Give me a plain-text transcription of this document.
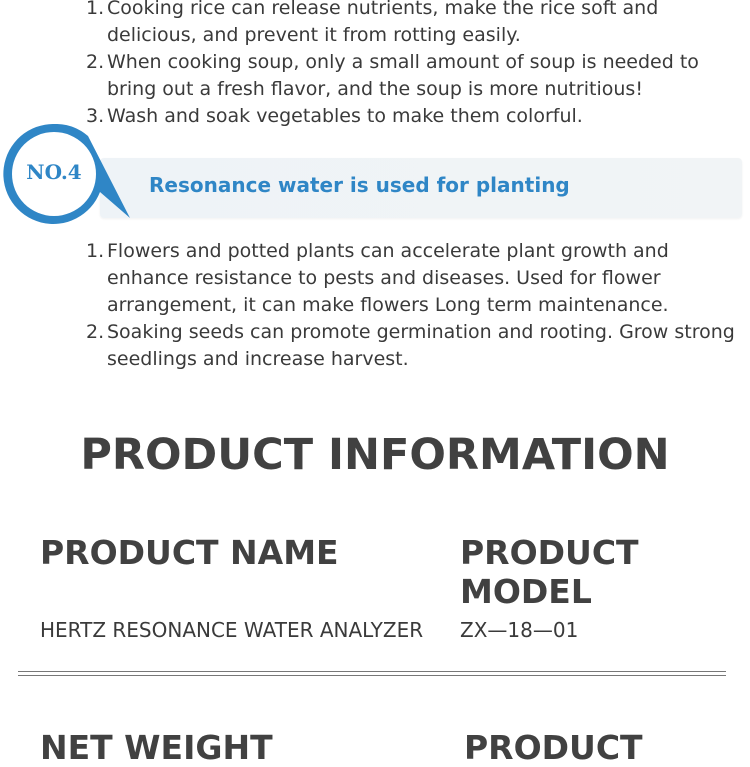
1. Cooking rice can release nutrients, make the rice soft and delicious, and prevent it from rotting easily.
2. When cooking soup, only a small amount of soup is needed to bring out a fresh flavor, and the soup is more nutritious!
3. Wash and soak vegetables to make them colorful.
NO.4
Resonance water is used for planting
1. Flowers and potted plants can accelerate plant growth and enhance resistance to pests and diseases. Used for flower arrangement, it can make flowers Long term maintenance.
2. Soaking seeds can promote germination and rooting. Grow strong seedlings and increase harvest.
PRODUCT INFORMATION
PRODUCT NAME	PRODUCT MODEL
HERTZ RESONANCE WATER ANALYZER ZX—18—01
NET WEIGHT	PRODUCT
